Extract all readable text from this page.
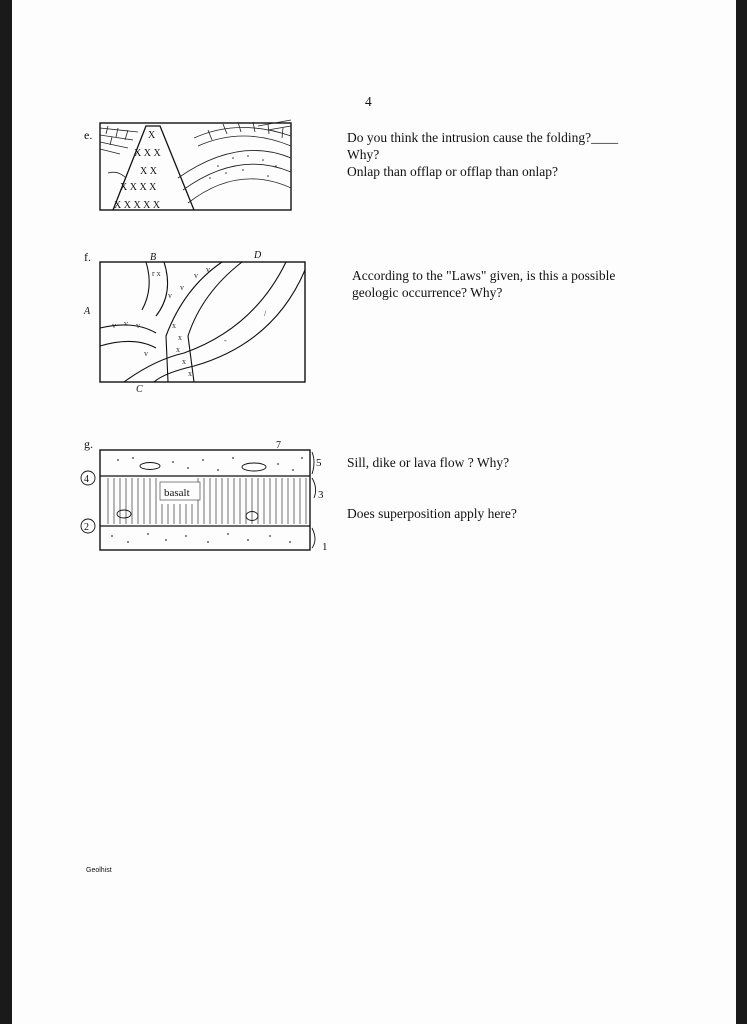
4
e.	X
X X X
X X
X X X X
X X X X X
Do you think the intrusion cause the folding?____
Why?
Onlap than offlap or offlap than onlap?
f.
v
v
v
v
r x
v v v
v
-
/
x
x
x
x
x
A
B
C
D
According to the "Laws" given, is this a possible
geologic occurrence? Why?
g.
basalt
4
2
5
3
1
7
Sill, dike or lava flow ? Why?
Does superposition apply here?
Geolhist
